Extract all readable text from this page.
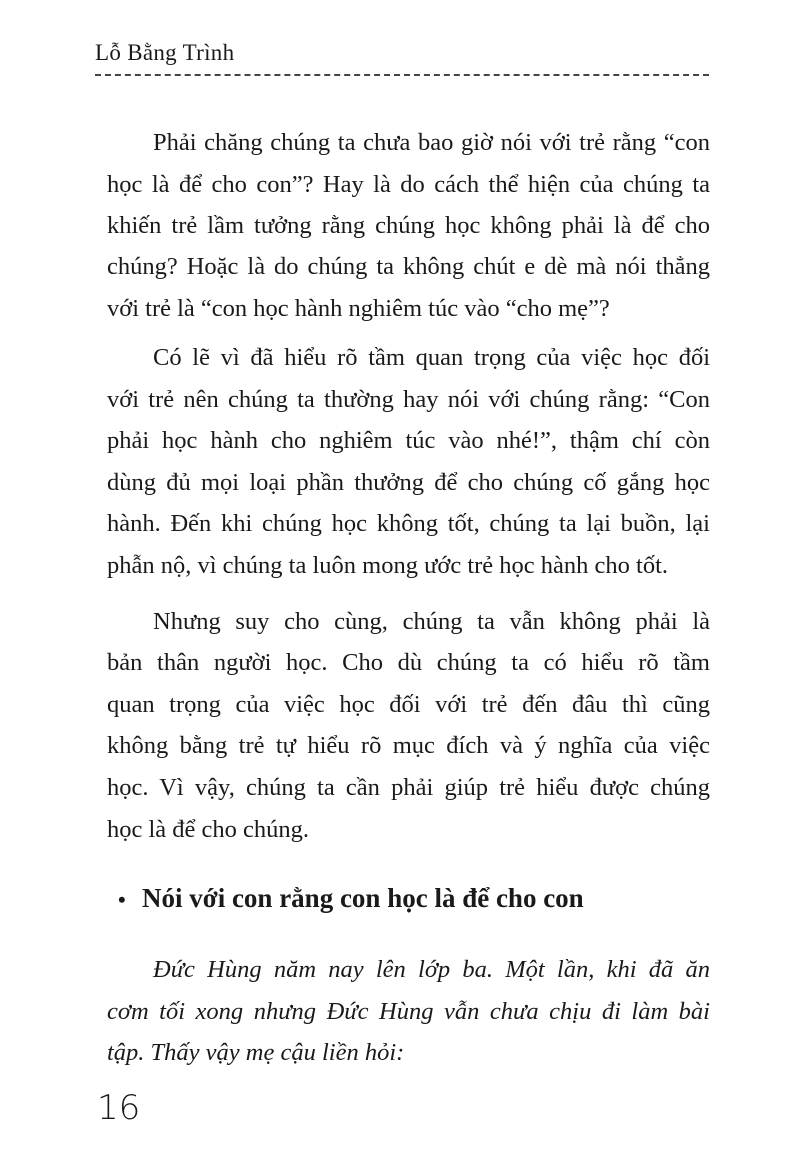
Lỗ Bằng Trình
Phải chăng chúng ta chưa bao giờ nói với trẻ rằng “con
học là để cho con”? Hay là do cách thể hiện của chúng ta
khiến trẻ lầm tưởng rằng chúng học không phải là để cho
chúng? Hoặc là do chúng ta không chút e dè mà nói thẳng
với trẻ là “con học hành nghiêm túc vào “cho mẹ”?
Có lẽ vì đã hiểu rõ tầm quan trọng của việc học đối
với trẻ nên chúng ta thường hay nói với chúng rằng: “Con
phải học hành cho nghiêm túc vào nhé!”, thậm chí còn
dùng đủ mọi loại phần thưởng để cho chúng cố gắng học
hành. Đến khi chúng học không tốt, chúng ta lại buồn, lại
phẫn nộ, vì chúng ta luôn mong ước trẻ học hành cho tốt.
Nhưng suy cho cùng, chúng ta vẫn không phải là
bản thân người học. Cho dù chúng ta có hiểu rõ tầm
quan trọng của việc học đối với trẻ đến đâu thì cũng
không bằng trẻ tự hiểu rõ mục đích và ý nghĩa của việc
học. Vì vậy, chúng ta cần phải giúp trẻ hiểu được chúng
học là để cho chúng.
• Nói với con rằng con học là để cho con
Đức Hùng năm nay lên lớp ba. Một lần, khi đã ăn
cơm tối xong nhưng Đức Hùng vẫn chưa chịu đi làm bài
tập. Thấy vậy mẹ cậu liền hỏi:
16
